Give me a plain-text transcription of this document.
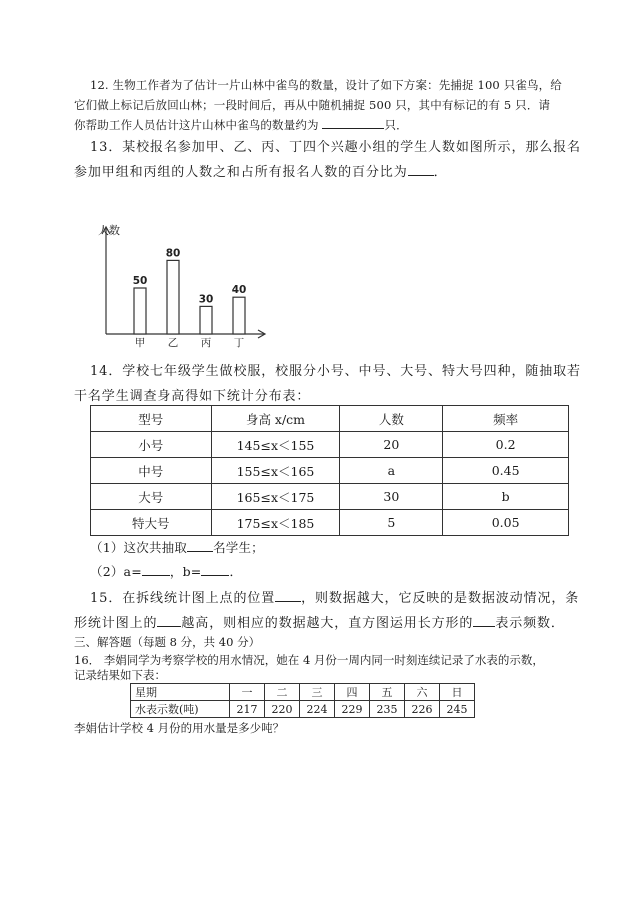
12. 生物工作者为了估计一片山林中雀鸟的数量，设计了如下方案：先捕捉 100 只雀鸟，给
它们做上标记后放回山林；一段时间后，再从中随机捕捉 500 只，其中有标记的有 5 只．请
你帮助工作人员估计这片山林中雀鸟的数量约为	只．
13．某校报名参加甲、乙、丙、丁四个兴趣小组的学生人数如图所示，那么报名
参加甲组和丙组的人数之和占所有报名人数的百分比为 ．
人数
50
甲
80
乙
30
丙
40
丁
14．学校七年级学生做校服，校服分小号、中号、大号、特大号四种，随抽取若
干名学生调查身高得如下统计分布表：
型号	身高 x/cm	人数	频率
小号	145≤x＜155	20	0.2
中号	155≤x＜165	a	0.45
大号	165≤x＜175	30	b
特大号	175≤x＜185	5	0.05
（1）这次共抽取 名学生；
（2）a= ，b= ．
15．在拆线统计图上点的位置 ，则数据越大，它反映的是数据波动情况，条
形统计图上的 越高，则相应的数据越大，直方图运用长方形的 表示频数．
三、解答题（每题 8 分，共 40 分）
16． 李娟同学为考察学校的用水情况，她在 4 月份一周内同一时刻连续记录了水表的示数，
记录结果如下表：
星期	一	二	三	四	五	六	日
水表示数(吨)	217	220	224	229	235	226	245
李娟估计学校 4 月份的用水量是多少吨？
